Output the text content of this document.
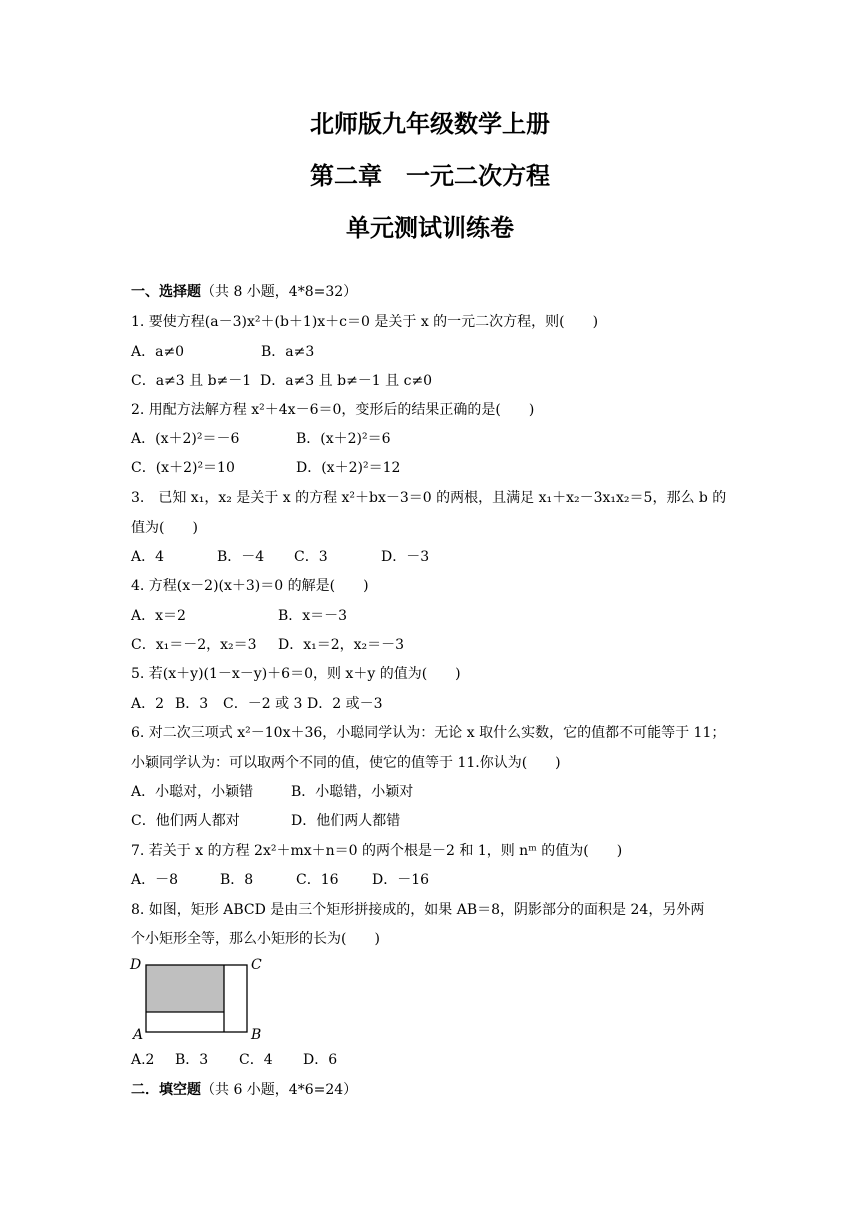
北师版九年级数学上册
第二章　一元二次方程
单元测试训练卷
一、选择题（共 8 小题，4*8=32）
1. 要使方程(a－3)x²＋(b＋1)x＋c＝0 是关于 x 的一元二次方程，则(　　)
A．a≠0	B．a≠3
C．a≠3 且 b≠－1 D．a≠3 且 b≠－1 且 c≠0
2. 用配方法解方程 x²＋4x－6＝0，变形后的结果正确的是(　　)
A．(x＋2)²＝－6	B．(x＋2)²＝6
C．(x＋2)²＝10	D．(x＋2)²＝12
3.　已知 x₁，x₂ 是关于 x 的方程 x²＋bx－3＝0 的两根，且满足 x₁＋x₂－3x₁x₂＝5，那么 b 的
值为(　　)
A．4	B．－4 C．3	D．－3
4. 方程(x－2)(x＋3)＝0 的解是(　　)
A．x＝2	B．x＝－3
C．x₁＝－2，x₂＝3 D．x₁＝2，x₂＝－3
5. 若(x＋y)(1－x－y)＋6＝0，则 x＋y 的值为(　　)
A．2 B．3 C．－2 或 3 D．2 或－3
6. 对二次三项式 x²－10x＋36，小聪同学认为：无论 x 取什么实数，它的值都不可能等于 11；
小颖同学认为：可以取两个不同的值，使它的值等于 11.你认为(　　)
A．小聪对，小颖错	B．小聪错，小颖对
C．他们两人都对	D．他们两人都错
7. 若关于 x 的方程 2x²＋mx＋n＝0 的两个根是－2 和 1，则 nᵐ 的值为(　　)
A．－8	B．8	C．16 D．－16
8. 如图，矩形 ABCD 是由三个矩形拼接成的，如果 AB＝8，阴影部分的面积是 24，另外两
个小矩形全等，那么小矩形的长为(　　)
D	C
A	B
A.2 B．3 C．4 D．6
二．填空题（共 6 小题，4*6=24）
